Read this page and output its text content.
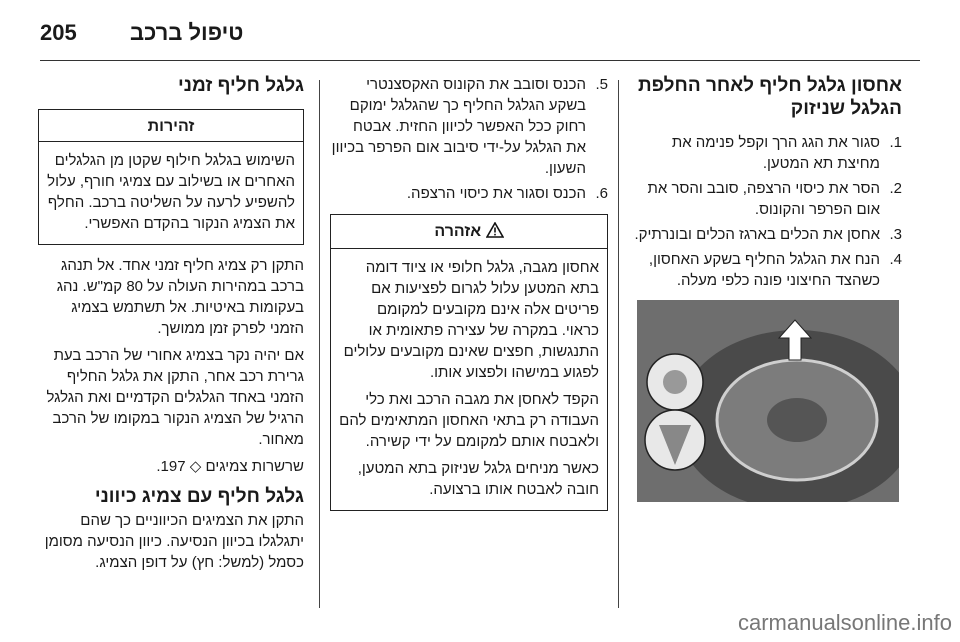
205 טיפול ברכב
אחסון גלגל חליף לאחר החלפת הגלגל שניזוק
1.
סגור את הגג הרך וקפל פנימה את מחיצת תא המטען.
2.
הסר את כיסוי הרצפה, סובב והסר את אום הפרפר והקונוס.
3.
אחסן את הכלים בארגז הכלים ובונרתיק.
4.
הנח את הגלגל החליף בשקע האחסון, כשהצד החיצוני פונה כלפי מעלה.
5.
הכנס וסובב את הקונוס האקסצנטרי בשקע הגלגל החליף כך שהגלגל ימוקם רחוק ככל האפשר לכיוון החזית. אבטח את הגלגל על-ידי סיבוב אום הפרפר בכיוון השעון.
6.
הכנס וסגור את כיסוי הרצפה.
אזהרה

אחסון מגבה, גלגל חלופי או ציוד דומה בתא המטען עלול לגרום לפציעות אם פריטים אלה אינם מקובעים למקומם כראוי. במקרה של עצירה פתאומית או התנגשות, חפצים שאינם מקובעים עלולים לפגוע במישהו ולפצוע אותו.

הקפד לאחסן את מגבה הרכב ואת כלי העבודה רק בתאי האחסון המתאימים להם ולאבטח אותם למקומם על ידי קשירה.

כאשר מניחים גלגל שניזוק בתא המטען, חובה לאבטח אותו ברצועה.

גלגל חליף זמני
זהירות

השימוש בגלגל חילוף שקטן מן הגלגלים האחרים או בשילוב עם צמיגי חורף, עלול להשפיע לרעה על השליטה ברכב. החלף את הצמיג הנקור בהקדם האפשרי.

התקן רק צמיג חליף זמני אחד. אל תנהג ברכב במהירות העולה על 80 קמ"ש. נהג בעקומות באיטיות. אל תשתמש בצמיג הזמני לפרק זמן ממושך.

אם יהיה נקר בצמיג אחורי של הרכב בעת גרירת רכב אחר, התקן את גלגל החליף הזמני באחד הגלגלים הקדמיים ואת הגלגל הרגיל של הצמיג הנקור במקומו של הרכב מאחור.

שרשרות צמיגים ◇ 197.

גלגל חליף עם צמיג כיווני

התקן את הצמיגים הכיווניים כך שהם יתגלגלו בכיוון הנסיעה. כיוון הנסיעה מסומן כסמל (למשל: חץ) על דופן הצמיג.

carmanualsonline.info
